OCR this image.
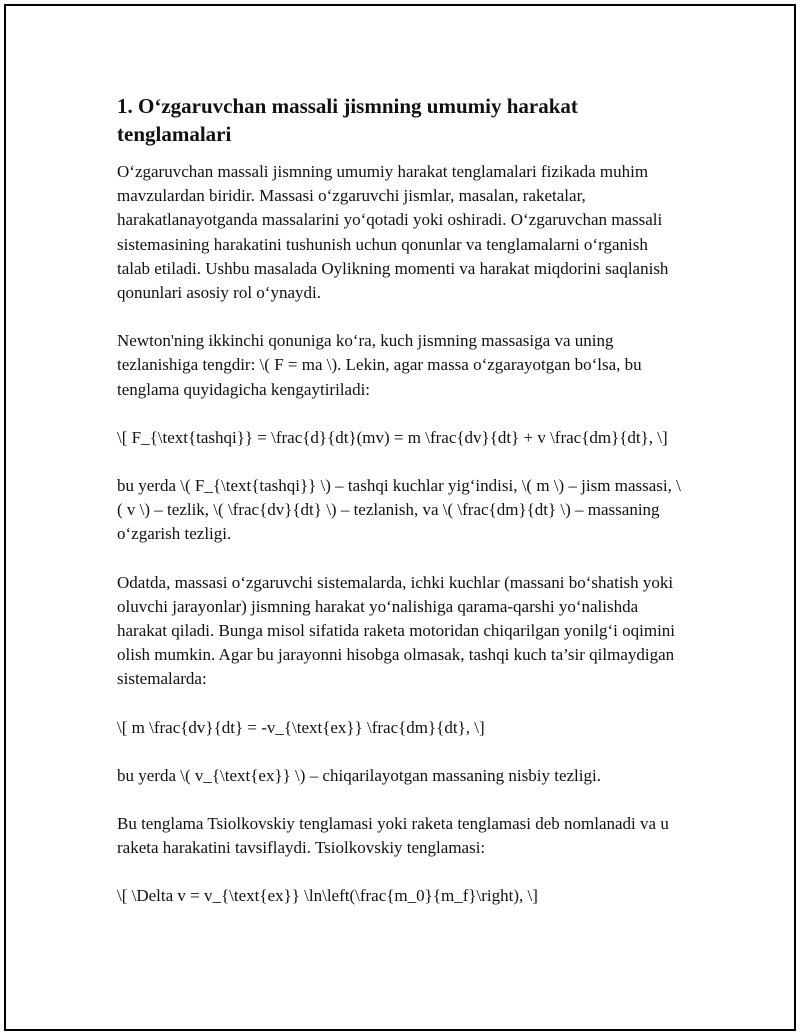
1. O‘zgaruvchan massali jismning umumiy harakat tenglamalari

O‘zgaruvchan massali jismning umumiy harakat tenglamalari fizikada muhim mavzulardan biridir. Massasi o‘zgaruvchi jismlar, masalan, raketalar, harakatlanayotganda massalarini yo‘qotadi yoki oshiradi. O‘zgaruvchan massali sistemasining harakatini tushunish uchun qonunlar va tenglamalarni o‘rganish talab etiladi. Ushbu masalada Oylikning momenti va harakat miqdorini saqlanish qonunlari asosiy rol o‘ynaydi.

Newton'ning ikkinchi qonuniga ko‘ra, kuch jismning massasiga va uning tezlanishiga tengdir: \( F = ma \). Lekin, agar massa o‘zgarayotgan bo‘lsa, bu tenglama quyidagicha kengaytiriladi:

\[ F_{\text{tashqi}} = \frac{d}{dt}(mv) = m \frac{dv}{dt} + v \frac{dm}{dt}, \]

bu yerda \( F_{\text{tashqi}} \) – tashqi kuchlar yig‘indisi, \( m \) – jism massasi, \( v \) – tezlik, \( \frac{dv}{dt} \) – tezlanish, va \( \frac{dm}{dt} \) – massaning o‘zgarish tezligi.

Odatda, massasi o‘zgaruvchi sistemalarda, ichki kuchlar (massani bo‘shatish yoki oluvchi jarayonlar) jismning harakat yo‘nalishiga qarama-qarshi yo‘nalishda harakat qiladi. Bunga misol sifatida raketa motoridan chiqarilgan yonilg‘i oqimini olish mumkin. Agar bu jarayonni hisobga olmasak, tashqi kuch ta’sir qilmaydigan sistemalarda:

\[ m \frac{dv}{dt} = -v_{\text{ex}} \frac{dm}{dt}, \]

bu yerda \( v_{\text{ex}} \) – chiqarilayotgan massaning nisbiy tezligi.

Bu tenglama Tsiolkovskiy tenglamasi yoki raketa tenglamasi deb nomlanadi va u raketa harakatini tavsiflaydi. Tsiolkovskiy tenglamasi:

\[ \Delta v = v_{\text{ex}} \ln\left(\frac{m_0}{m_f}\right), \]
